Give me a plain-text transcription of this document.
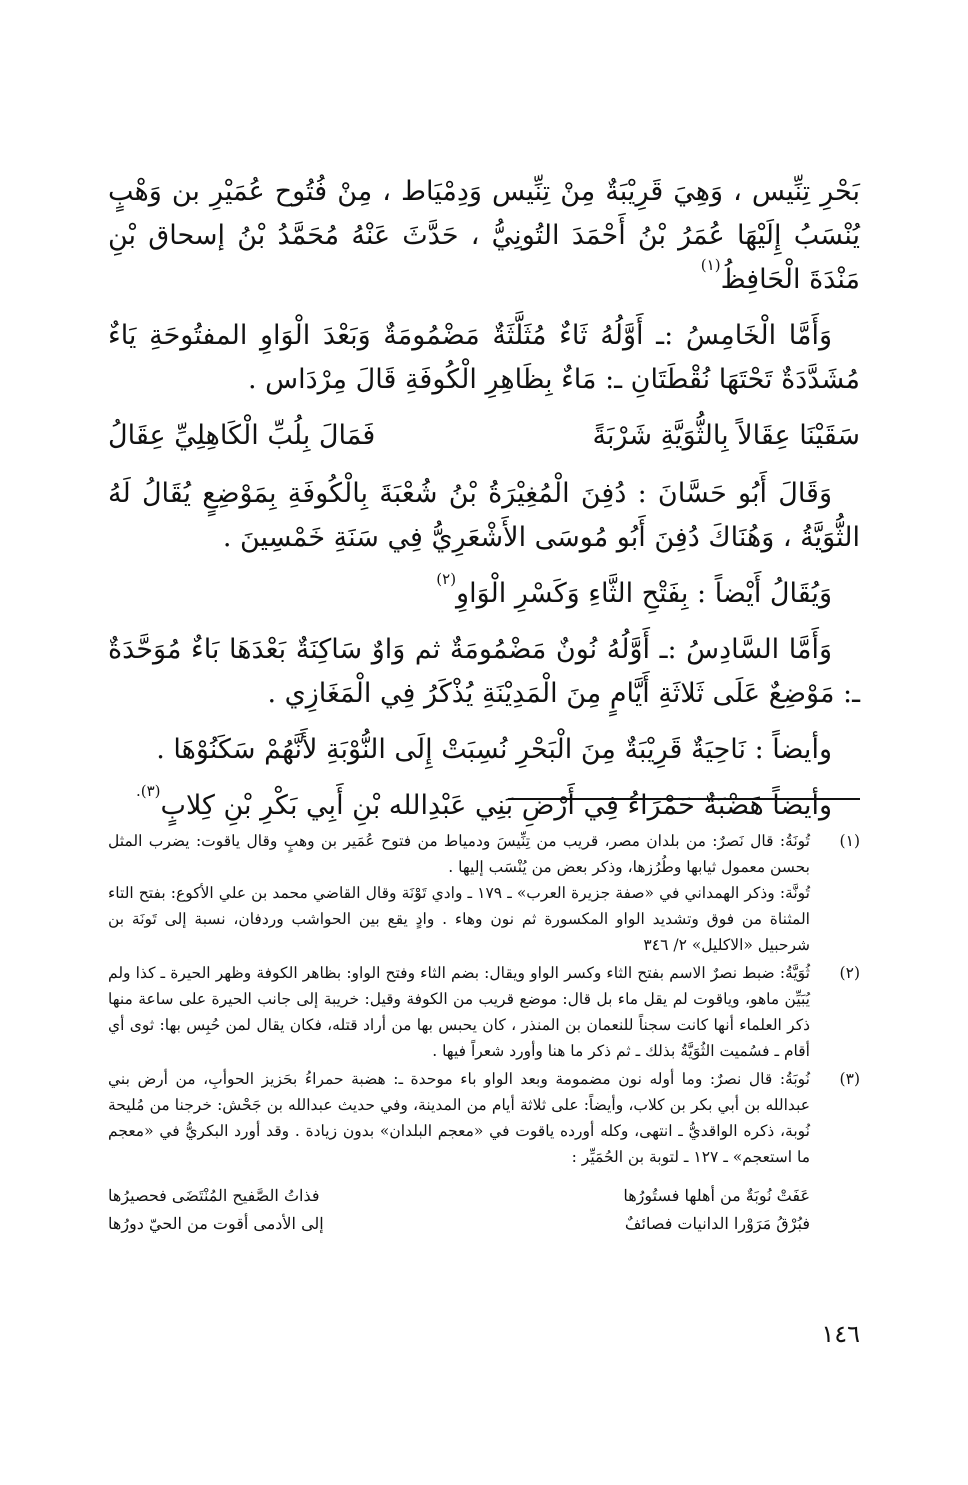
بَحْرِ تِنِّيس ، وَهِيَ قَرِيْبَةٌ مِنْ تِنِّيس وَدِمْيَاط ، مِنْ فُتُوح عُمَيْرِ بن وَهْبٍ يُنْسَبُ إِلَيْهَا عُمَرُ بْنُ أَحْمَدَ التُونِيُّ ، حَدَّثَ عَنْهُ مُحَمَّدُ بْنُ إسحاق بْنِ مَنْدَةَ الْحَافِظُ$^{(١)}$

وَأَمَّا الْخَامِسُ :ـ أَوَّلُهُ ثَاءٌ مُثَلَّثَةٌ مَضْمُومَةٌ وَبَعْدَ الْوَاوِ المفتُوحَةِ يَاءٌ مُشَدَّدَةٌ تَحْتَهَا نُقْطَتَانِ ـ: مَاءٌ بِظَاهِرِ الْكُوفَةِ قَالَ مِرْدَاس .

سَقَيْنَا عِقَالاً بِالثُّوَيَّةِ شَرْبَةً
فَمَالَ بِلُبِّ الْكَاهِلِيِّ عِقَالُ

وَقَالَ أَبُو حَسَّانَ : دُفِنَ الْمُغِيْرَةُ بْنُ شُعْبَةَ بِالْكُوفَةِ بِمَوْضِعٍ يُقَالُ لَهُ الثُّوَيَّةُ ، وَهُنَاكَ دُفِنَ أَبُو مُوسَى الأَشْعَرِيُّ فِي سَنَةِ خَمْسِينَ .

وَيُقَالُ أَيْضاً : بِفَتْحِ الثَّاءِ وَكَسْرِ الْوَاوِ$^{(٢)}$

وَأَمَّا السَّادِسُ :ـ أَوَّلُهُ نُونٌ مَضْمُومَةٌ ثم وَاوٌ سَاكِنَةٌ بَعْدَهَا بَاءٌ مُوَحَّدَةٌ ـ: مَوْضِعٌ عَلَى ثَلاثَةِ أَيَّامٍ مِنَ الْمَدِيْنَةِ يُذْكَرُ فِي الْمَغَازِي .

وأيضاً : نَاحِيَةٌ قَرِيْبَةٌ مِنَ الْبَحْرِ نُسِبَتْ إِلَى النُّوْبَةِ لأَنَّهُمْ سَكَنُوْهَا .

وأيضاً هَضْبَةٌ حَمْرَاءُ فِي أَرْضِ بَنِي عَبْدِالله بْنِ أَبِي بَكْرِ بْنِ كِلابٍ$^{(٣).}$

(١)

تُونَةُ: قال نَصرٌ: من بلدان مصر، قريب من تِنِّيسَ ودمياط من فتوح عُمَير بن وهبٍ وقال ياقوت: يضرب المثل بحسن معمول ثيابها وطُرُزها، وذكر بعض من يُنْسَب إليها .

تُونَّة: وذكر الهمداني في «صفة جزيرة العرب» ـ ١٧٩ ـ وادي تَوْنَة وقال القاضي محمد بن علي الأكوع: بفتح التاء المثناة من فوق وتشديد الواو المكسورة ثم نون وهاء . وادٍ يقع بين الحواشب وردفان، نسبة إلى تَونَة بن شرحبيل «الاكليل» ٢/ ٣٤٦

(٢)

ثُوَيَّةُ: ضبط نصرٌ الاسم بفتح الثاء وكسر الواو ويقال: بضم الثاء وفتح الواو: بظاهر الكوفة وظهر الحيرة ـ كذا ولم يُبَيِّن ماهو، وياقوت لم يقل ماء بل قال: موضع قريب من الكوفة وقيل: خريبة إلى جانب الحيرة على ساعة منها ذكر العلماء أنها كانت سجناً للنعمان بن المنذر ، كان يحبس بها من أراد قتله، فكان يقال لمن حُبِس بها: ثوى أي أقام ـ فسُميت الثُوَيَّةُ بذلك ـ ثم ذكر ما هنا وأورد شعراً فيها .

(٣)

نُوبَةُ: قال نصرٌ: وما أوله نون مضمومة وبعد الواو باء موحدة ـ: هضبة حمراءُ بحَزيز الحوأبِ، من أرض بني عبدالله بن أبي بكر بن كلاب، وأيضاً: على ثلاثة أيام من المدينة، وفي حديث عبدالله بن جَحْش: خرجنا من مُليحة نُوبة، ذكره الواقديُّ ـ انتهى، وكله أورده ياقوت في «معجم البلدان» بدون زيادة . وقد أورد البكريُّ في «معجم ما استعجم» ـ ١٢٧ ـ لتوبة بن الحُمَيِّر :

عَفَتْ نُوبَةٌ من أهلها فستُورُها
فذاتُ الصَّفيح المُنْتَضَى فحصيرُها
فبُرْقُ مَرَوْرا الدانيات فصائفٌ
إلى الأدمى أقوت من الحيّ دورُها
١٤٦
